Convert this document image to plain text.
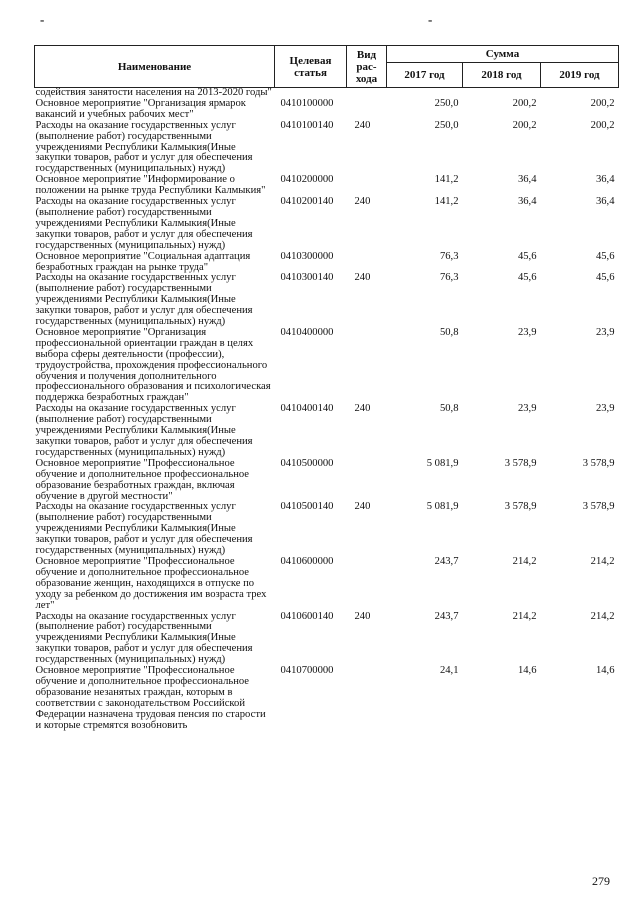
-	-
Наименование	Целевая статья	Вид рас-хода	Сумма		
			2017 год	2018 год	2019 год
содействия занятости населения на 2013-2020 годы"					
Основное мероприятие "Организация ярмарок вакансий и учебных рабочих мест"	0410100000		250,0	200,2	200,2
Расходы на оказание государственных услуг (выполнение работ) государственными учреждениями Республики Калмыкия(Иные закупки товаров, работ и услуг для обеспечения государственных (муниципальных) нужд)	0410100140	240	250,0	200,2	200,2
Основное мероприятие "Информирование о положении на рынке труда Республики Калмыкия"	0410200000		141,2	36,4	36,4
Расходы на оказание государственных услуг (выполнение работ) государственными учреждениями Республики Калмыкия(Иные закупки товаров, работ и услуг для обеспечения государственных (муниципальных) нужд)	0410200140	240	141,2	36,4	36,4
Основное мероприятие "Социальная адаптация безработных граждан на рынке труда"	0410300000		76,3	45,6	45,6
Расходы на оказание государственных услуг (выполнение работ) государственными учреждениями Республики Калмыкия(Иные закупки товаров, работ и услуг для обеспечения государственных (муниципальных) нужд)	0410300140	240	76,3	45,6	45,6
Основное мероприятие "Организация профессиональной ориентации граждан в целях выбора сферы деятельности (профессии), трудоустройства, прохождения профессионального обучения и получения дополнительного профессионального образования и психологическая поддержка безработных граждан"	0410400000		50,8	23,9	23,9
Расходы на оказание государственных услуг (выполнение работ) государственными учреждениями Республики Калмыкия(Иные закупки товаров, работ и услуг для обеспечения государственных (муниципальных) нужд)	0410400140	240	50,8	23,9	23,9
Основное мероприятие "Профессиональное обучение и дополнительное профессиональное образование безработных граждан, включая обучение в другой местности"	0410500000		5 081,9	3 578,9	3 578,9
Расходы на оказание государственных услуг (выполнение работ) государственными учреждениями Республики Калмыкия(Иные закупки товаров, работ и услуг для обеспечения государственных (муниципальных) нужд)	0410500140	240	5 081,9	3 578,9	3 578,9
Основное мероприятие "Профессиональное обучение и дополнительное профессиональное образование женщин, находящихся в отпуске по уходу за ребенком до достижения им возраста трех лет"	0410600000		243,7	214,2	214,2
Расходы на оказание государственных услуг (выполнение работ) государственными учреждениями Республики Калмыкия(Иные закупки товаров, работ и услуг для обеспечения государственных (муниципальных) нужд)	0410600140	240	243,7	214,2	214,2
Основное мероприятие "Профессиональное обучение и дополнительное профессиональное образование незанятых граждан, которым в соответствии с законодательством Российской Федерации назначена трудовая пенсия по старости и которые стремятся возобновить	0410700000		24,1	14,6	14,6
279
